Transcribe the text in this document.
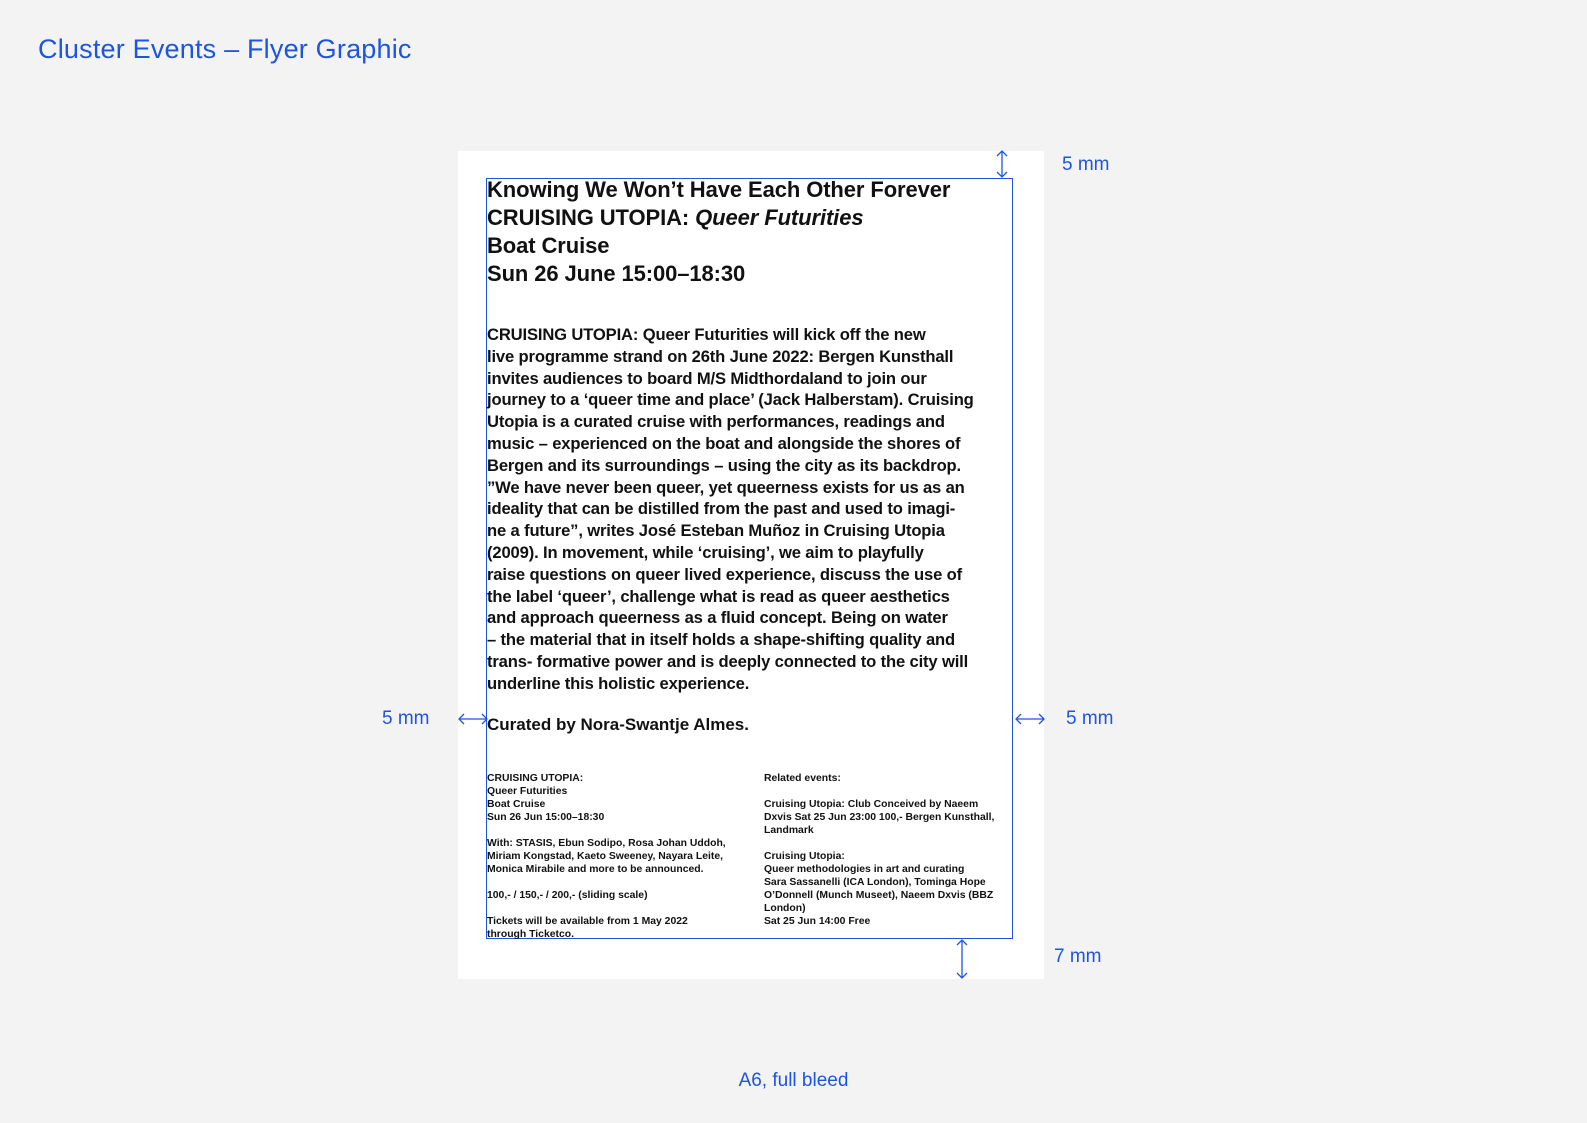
Cluster Events – Flyer Graphic

Knowing We Won’t Have Each Other Forever

CRUISING UTOPIA: Queer Futurities

Boat Cruise

Sun 26 June 15:00–18:30

CRUISING UTOPIA: Queer Futurities will kick off the new
live programme strand on 26th June 2022: Bergen Kunsthall
invites audiences to board M/S Midthordaland to join our
journey to a ‘queer time and place’ (Jack Halberstam). Cruising
Utopia is a curated cruise with performances, readings and
music – experienced on the boat and alongside the shores of
Bergen and its surroundings – using the city as its backdrop.
”We have never been queer, yet queerness exists for us as an
ideality that can be distilled from the past and used to imagi-
ne a future”, writes José Esteban Muñoz in Cruising Utopia
(2009). In movement, while ‘cruising’, we aim to playfully
raise questions on queer lived experience, discuss the use of
the label ‘queer’, challenge what is read as queer aesthetics
and approach queerness as a fluid concept. Being on water
– the material that in itself holds a shape-shifting quality and
trans- formative power and is deeply connected to the city will
underline this holistic experience.

Curated by Nora-Swantje Almes.

CRUISING UTOPIA:
Queer Futurities
Boat Cruise
Sun 26 Jun 15:00–18:30

With: STASIS, Ebun Sodipo, Rosa Johan Uddoh,
Miriam Kongstad, Kaeto Sweeney, Nayara Leite,
Monica Mirabile and more to be announced.

100,- / 150,- / 200,- (sliding scale)

Tickets will be available from 1 May 2022
through Ticketco.

Related events:

Cruising Utopia: Club Conceived by Naeem
Dxvis Sat 25 Jun 23:00 100,- Bergen Kunsthall,
Landmark

Cruising Utopia:
Queer methodologies in art and curating
Sara Sassanelli (ICA London), Tominga Hope
O’Donnell (Munch Museet), Naeem Dxvis (BBZ
London)
Sat 25 Jun 14:00 Free

5 mm
5 mm	5 mm
7 mm
A6, full bleed
